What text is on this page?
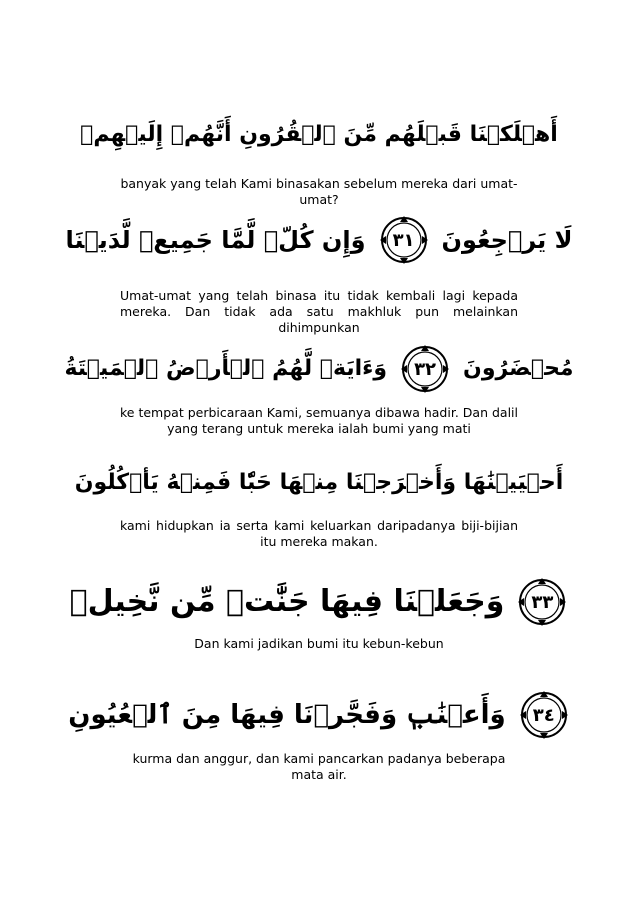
أَهۡلَكۡنَا قَبۡلَهُم مِّنَ ٱلۡقُرُونِ أَنَّهُمۡ إِلَيۡهِمۡ
banyak yang telah Kami binasakan sebelum mereka dari umat-umat?
لَا يَرۡجِعُونَ
٣١
وَإِن كُلّٞ لَّمَّا جَمِيعٞ لَّدَيۡنَا
Umat-umat yang telah binasa itu tidak kembali lagi kepada mereka. Dan tidak ada satu makhluk pun melainkan dihimpunkan
مُحۡضَرُونَ
٣٢
وَءَايَةٞ لَّهُمُ ٱلۡأَرۡضُ ٱلۡمَيۡتَةُ
ke tempat perbicaraan Kami, semuanya dibawa hadir. Dan dalil yang terang untuk mereka ialah bumi yang mati
أَحۡيَيۡنَٰهَا وَأَخۡرَجۡنَا مِنۡهَا حَبّٗا فَمِنۡهُ يَأۡكُلُونَ
kami hidupkan ia serta kami keluarkan daripadanya biji-bijian itu mereka makan.
٣٣
وَجَعَلۡنَا فِيهَا جَنَّٰتٖ مِّن نَّخِيلٖ
Dan kami jadikan bumi itu kebun-kebun
٣٤
وَأَعۡنَٰبٖ وَفَجَّرۡنَا فِيهَا مِنَ ٱلۡعُيُونِ
kurma dan anggur, dan kami pancarkan padanya beberapa mata air.
